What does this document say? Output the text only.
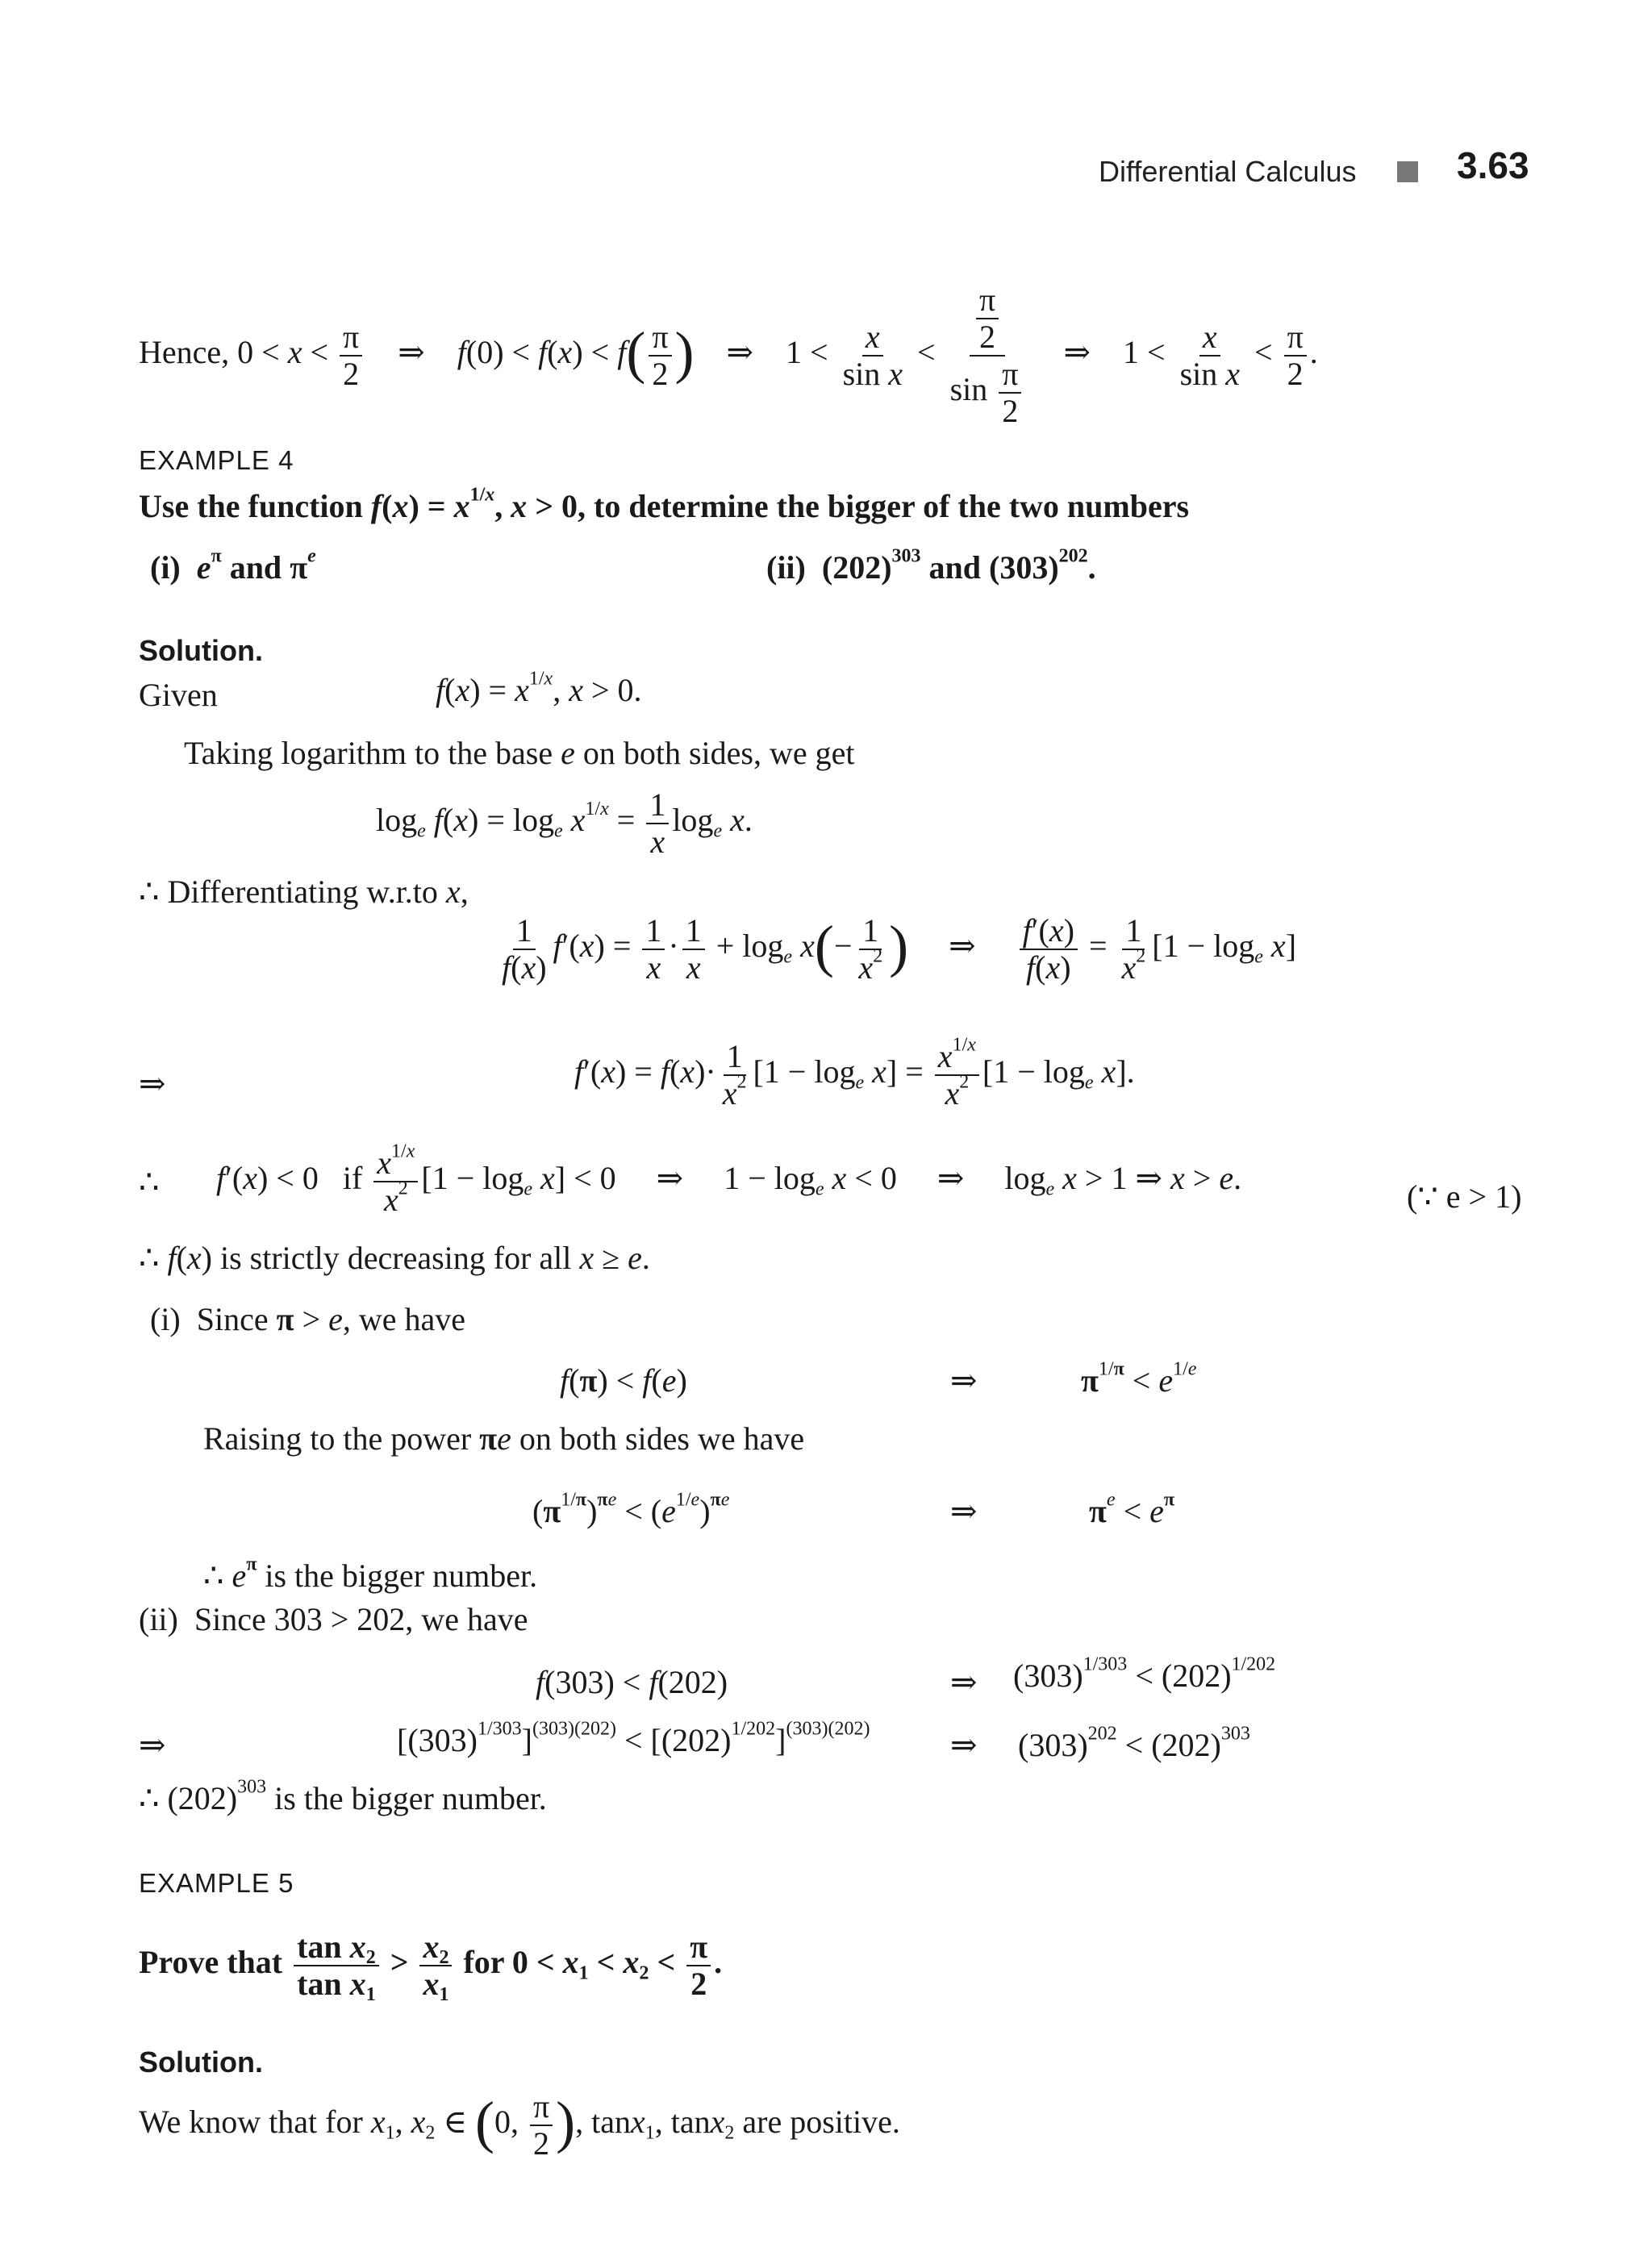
Differential Calculus	3.63
Hence, $0 < x < \frac{\pi}{2}$ ⇒    $f(0) < f(x) < f( \frac{\pi}{2}$ )    ⇒    $1 < \frac{x}{\text{sin x}} < \frac{\frac{\pi}{2}}{\sin \frac{\pi}{2}}$ ⇒    $1 < \frac{x}{\text{sin x}} < \frac{\pi}{2}$ .
EXAMPLE 4
Use the function $f(x) = x^{1/x}$, x > 0, to determine the bigger of the two numbers
(i) $e^\pi$ and $\pi^e$	(ii)  $(202)^{303}$ and $(303)^{202}$.
Solution.
Given	$f(x) = x^{1/x}$, x > 0.
Taking logarithm to the base e on both sides, we get
$\log_e f(x) = \log_e x^{1/x} = \frac{1}{x} \log_e x$.
∴ Differentiating w.r.to x,
$\frac{1}{f(x)} f'(x) = \frac{1}{x} \cdot \frac{1}{x} + \log_e x(- \frac{1}{x^2}$ )     ⇒ $\frac{f'(x)}{f(x)} = \frac{1}{x^2} [1 - \log_e x]$
⇒	$f'(x) = f(x)\cdot \frac{1}{x^2} [1 - \log_e x] = \frac{x^{1/x}}{x^2} [1 - \log_e x]$.
∴ f′(x) < 0   if $\frac{x^{1/x}}{x^2} [1 - \log_e x] < 0$     ⇒     $1 - \log_e x < 0$     ⇒     $\log_e x > 1$ ⇒ x > e.
(∵ e > 1)
∴ f(x) is strictly decreasing for all x ≥ e.
(i)  Since π > e, we have
f(π) < f(e)	⇒	$\pi^{1/\pi} < e^{1/e}$
Raising to the power πe on both sides we have
$(\pi^{1/\pi})^{\pi e} < (e^{1/e})^{\pi e}$	⇒	$\pi^e < e^\pi$
∴ $e^\pi$ is the bigger number.
(ii)  Since 303 > 202, we have
f(303) < f(202)	⇒ $(303)^{1/303} < (202)^{1/202}$
⇒	$[(303)^{1/303}]^{(303)(202)} < [(202)^{1/202}]^{(303)(202)}$ ⇒ $(303)^{202} < (202)^{303}$
∴ $(202)^{303}$ is the bigger number.
EXAMPLE 5
Prove that $\frac{\tan x_2}{\tan x_1} > \frac{x_2}{x_1}$ for $0 < x_1 < x_2 < \frac{\pi}{2}$ .
Solution.
We know that for $x_1$, $x_2$ ∈ (0, $\frac{\pi}{2}$ ), tanx$_1$, tanx$_2$ are positive.
